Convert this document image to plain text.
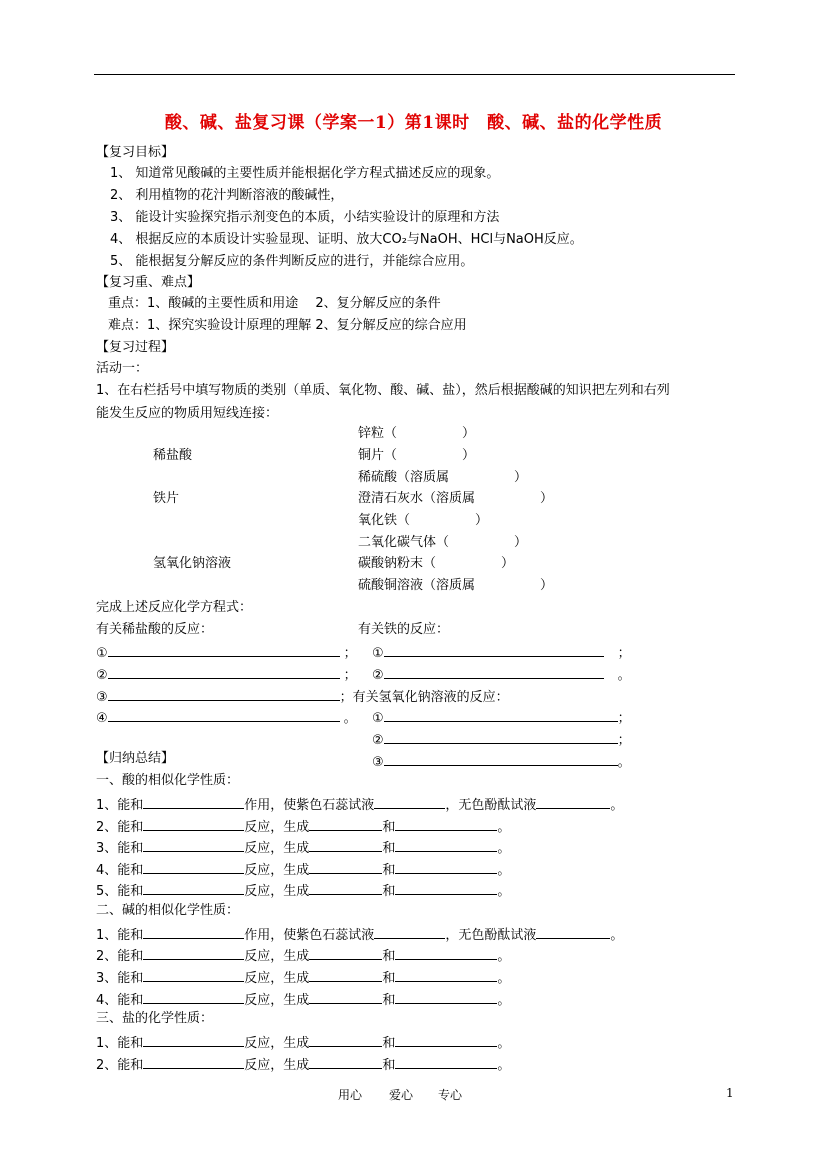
酸、碱、盐复习课（学案一1）第1课时　酸、碱、盐的化学性质
【复习目标】
1、 知道常见酸碱的主要性质并能根据化学方程式描述反应的现象。
2、 利用植物的花汁判断溶液的酸碱性，
3、 能设计实验探究指示剂变色的本质，小结实验设计的原理和方法
4、 根据反应的本质设计实验显现、证明、放大CO₂与NaOH、HCl与NaOH反应。
5、 能根据复分解反应的条件判断反应的进行，并能综合应用。
【复习重、难点】
重点：1、酸碱的主要性质和用途　 2、复分解反应的条件
难点：1、探究实验设计原理的理解 2、复分解反应的综合应用
【复习过程】
活动一：
1、在右栏括号中填写物质的类别（单质、氧化物、酸、碱、盐），然后根据酸碱的知识把左列和右列
能发生反应的物质用短线连接：
稀盐酸
铁片
氢氧化钠溶液
锌粒（　　　　　）
铜片（　　　　　）
稀硫酸（溶质属　　　　　）
澄清石灰水（溶质属　　　　　）
氧化铁（　　　　　）
二氧化碳气体（　　　　　）
碳酸钠粉末（　　　　　）
硫酸铜溶液（溶质属　　　　　）
完成上述反应化学方程式：
有关稀盐酸的反应：	有关铁的反应：
①	；
②	；
③	；有关氢氧化钠溶液的反应：
④	。
①	；
②	。
①	；
②	；
③	。
【归纳总结】
一、酸的相似化学性质：
1、能和	作用，使紫色石蕊试液	，无色酚酞试液	。
2、能和	反应，生成	和	。
3、能和	反应，生成	和	。
4、能和	反应，生成	和	。
5、能和	反应，生成	和	。
二、碱的相似化学性质：
1、能和	作用，使紫色石蕊试液	，无色酚酞试液	。
2、能和	反应，生成	和	。
3、能和	反应，生成	和	。
4、能和	反应，生成	和	。
三、盐的化学性质：
1、能和	反应，生成	和	。
2、能和	反应，生成	和	。
用心 爱心 专心	1
